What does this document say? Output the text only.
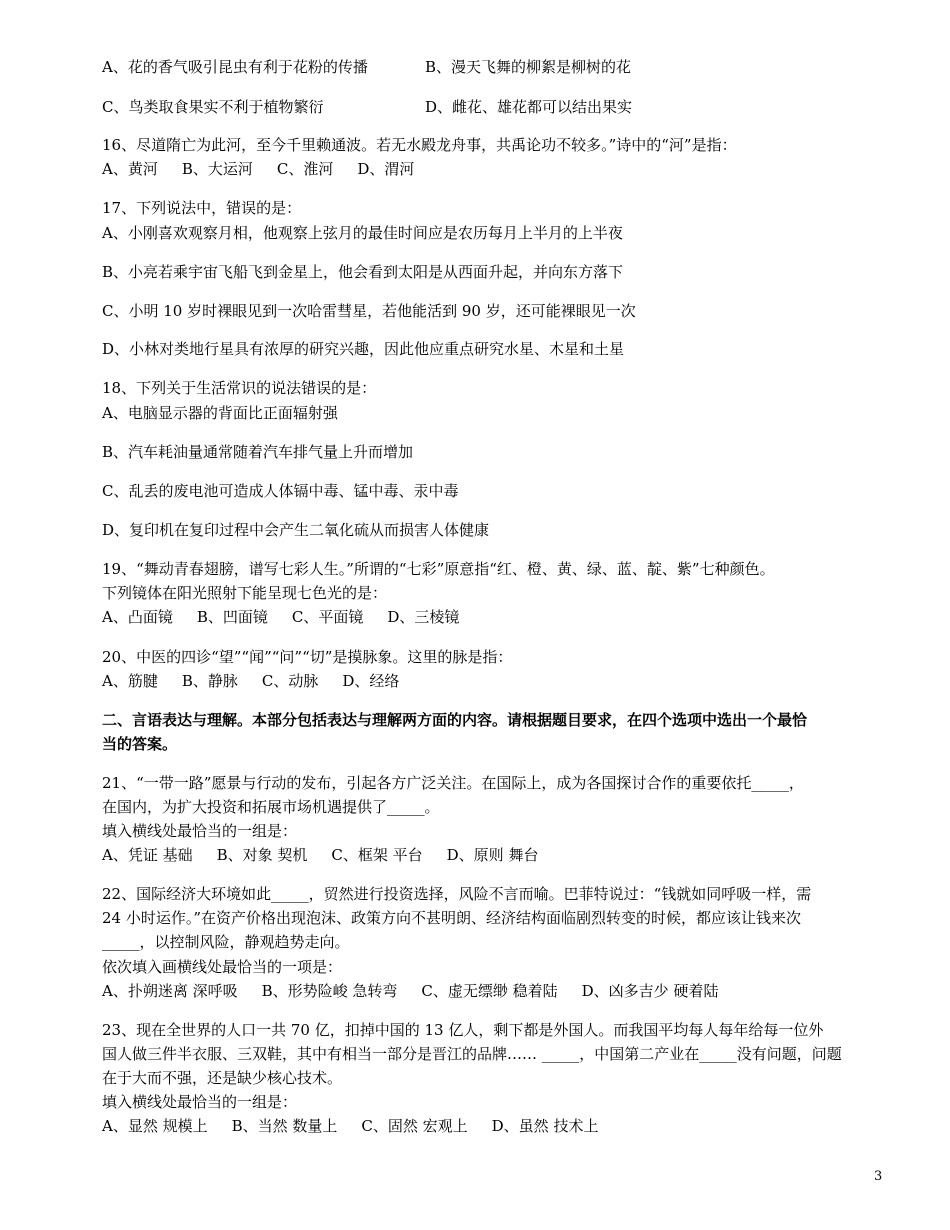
A、花的香气吸引昆虫有利于花粉的传播	B、漫天飞舞的柳絮是柳树的花
C、鸟类取食果实不利于植物繁衍	D、雌花、雄花都可以结出果实
16、尽道隋亡为此河，至今千里赖通波。若无水殿龙舟事，共禹论功不较多。”诗中的“河”是指：
A、黄河 B、大运河 C、淮河 D、渭河
17、下列说法中，错误的是：
A、小刚喜欢观察月相，他观察上弦月的最佳时间应是农历每月上半月的上半夜
B、小亮若乘宇宙飞船飞到金星上，他会看到太阳是从西面升起，并向东方落下
C、小明 10 岁时裸眼见到一次哈雷彗星，若他能活到 90 岁，还可能裸眼见一次
D、小林对类地行星具有浓厚的研究兴趣，因此他应重点研究水星、木星和土星
18、下列关于生活常识的说法错误的是：
A、电脑显示器的背面比正面辐射强
B、汽车耗油量通常随着汽车排气量上升而增加
C、乱丢的废电池可造成人体镉中毒、锰中毒、汞中毒
D、复印机在复印过程中会产生二氧化硫从而损害人体健康
19、“舞动青春翅膀，谱写七彩人生。”所谓的“七彩”原意指“红、橙、黄、绿、蓝、靛、紫”七种颜色。
下列镜体在阳光照射下能呈现七色光的是：
A、凸面镜 B、凹面镜 C、平面镜 D、三棱镜
20、中医的四诊“望”“闻”“问”“切”是摸脉象。这里的脉是指：
A、筋腱 B、静脉 C、动脉 D、经络
二、言语表达与理解。本部分包括表达与理解两方面的内容。请根据题目要求，在四个选项中选出一个最恰
当的答案。
21、“一带一路”愿景与行动的发布，引起各方广泛关注。在国际上，成为各国探讨合作的重要依托_____，
在国内，为扩大投资和拓展市场机遇提供了_____。
填入横线处最恰当的一组是：
A、凭证 基础 B、对象 契机 C、框架 平台 D、原则 舞台
22、国际经济大环境如此_____，贸然进行投资选择，风险不言而喻。巴菲特说过：“钱就如同呼吸一样，需
24 小时运作。”在资产价格出现泡沫、政策方向不甚明朗、经济结构面临剧烈转变的时候，都应该让钱来次
_____，以控制风险，静观趋势走向。
依次填入画横线处最恰当的一项是：
A、扑朔迷离 深呼吸 B、形势险峻 急转弯 C、虚无缥缈 稳着陆 D、凶多吉少 硬着陆
23、现在全世界的人口一共 70 亿，扣掉中国的 13 亿人，剩下都是外国人。而我国平均每人每年给每一位外
国人做三件半衣服、三双鞋，其中有相当一部分是晋江的品牌…… _____，中国第二产业在_____没有问题，问题
在于大而不强，还是缺少核心技术。
填入横线处最恰当的一组是：
A、显然 规模上 B、当然 数量上 C、固然 宏观上 D、虽然 技术上
3
